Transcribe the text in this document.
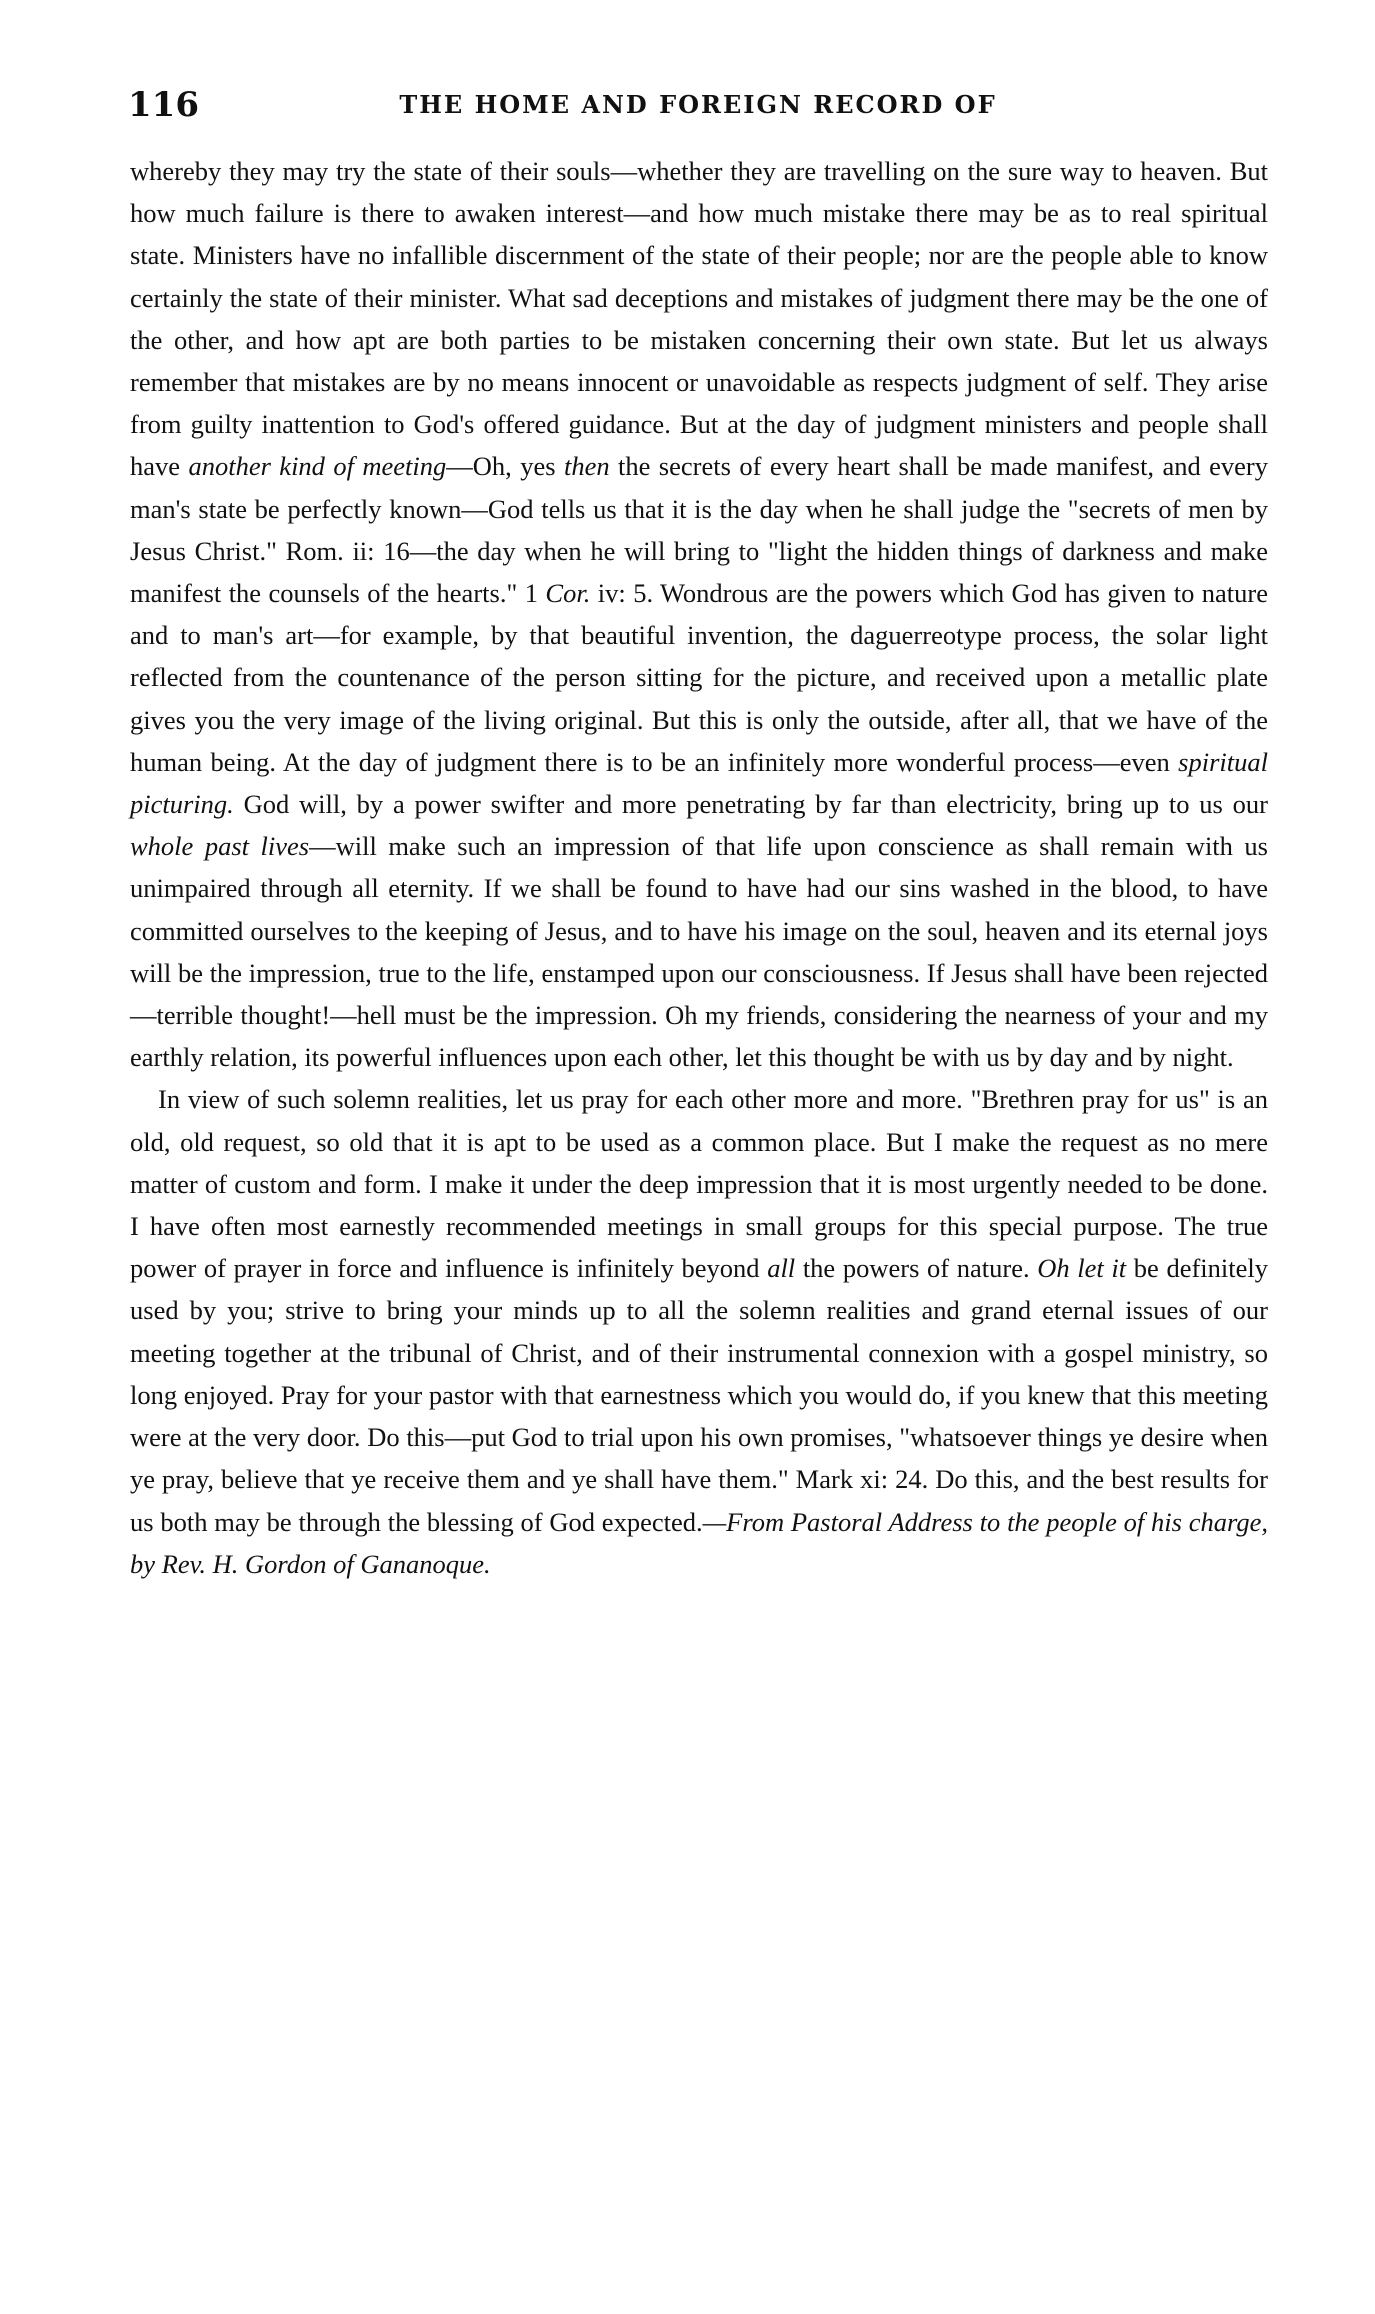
116	THE HOME AND FOREIGN RECORD OF

whereby they may try the state of their souls—whether they are travelling on the sure way to heaven. But how much failure is there to awaken interest—and how much mistake there may be as to real spiritual state. Ministers have no infallible discernment of the state of their people; nor are the people able to know certainly the state of their minister. What sad deceptions and mistakes of judgment there may be the one of the other, and how apt are both parties to be mistaken concerning their own state. But let us always remember that mistakes are by no means innocent or unavoidable as respects judgment of self. They arise from guilty inattention to God's offered guidance. But at the day of judgment ministers and people shall have another kind of meeting—Oh, yes then the secrets of every heart shall be made manifest, and every man's state be perfectly known—God tells us that it is the day when he shall judge the "secrets of men by Jesus Christ." Rom. ii: 16—the day when he will bring to "light the hidden things of darkness and make manifest the counsels of the hearts." 1 Cor. iv: 5. Wondrous are the powers which God has given to nature and to man's art—for example, by that beautiful invention, the daguerreotype process, the solar light reflected from the countenance of the person sitting for the picture, and received upon a metallic plate gives you the very image of the living original. But this is only the outside, after all, that we have of the human being. At the day of judgment there is to be an infinitely more wonderful process—even spiritual picturing. God will, by a power swifter and more penetrating by far than electricity, bring up to us our whole past lives—will make such an impression of that life upon conscience as shall remain with us unimpaired through all eternity. If we shall be found to have had our sins washed in the blood, to have committed ourselves to the keeping of Jesus, and to have his image on the soul, heaven and its eternal joys will be the impression, true to the life, enstamped upon our consciousness. If Jesus shall have been rejected—terrible thought!—hell must be the impression. Oh my friends, considering the nearness of your and my earthly relation, its powerful influences upon each other, let this thought be with us by day and by night.

In view of such solemn realities, let us pray for each other more and more. "Brethren pray for us" is an old, old request, so old that it is apt to be used as a common place. But I make the request as no mere matter of custom and form. I make it under the deep impression that it is most urgently needed to be done. I have often most earnestly recommended meetings in small groups for this special purpose. The true power of prayer in force and influence is infinitely beyond all the powers of nature. Oh let it be definitely used by you; strive to bring your minds up to all the solemn realities and grand eternal issues of our meeting together at the tribunal of Christ, and of their instrumental connexion with a gospel ministry, so long enjoyed. Pray for your pastor with that earnestness which you would do, if you knew that this meeting were at the very door. Do this—put God to trial upon his own promises, "whatsoever things ye desire when ye pray, believe that ye receive them and ye shall have them." Mark xi: 24. Do this, and the best results for us both may be through the blessing of God expected.—From Pastoral Address to the people of his charge, by Rev. H. Gordon of Gananoque.
